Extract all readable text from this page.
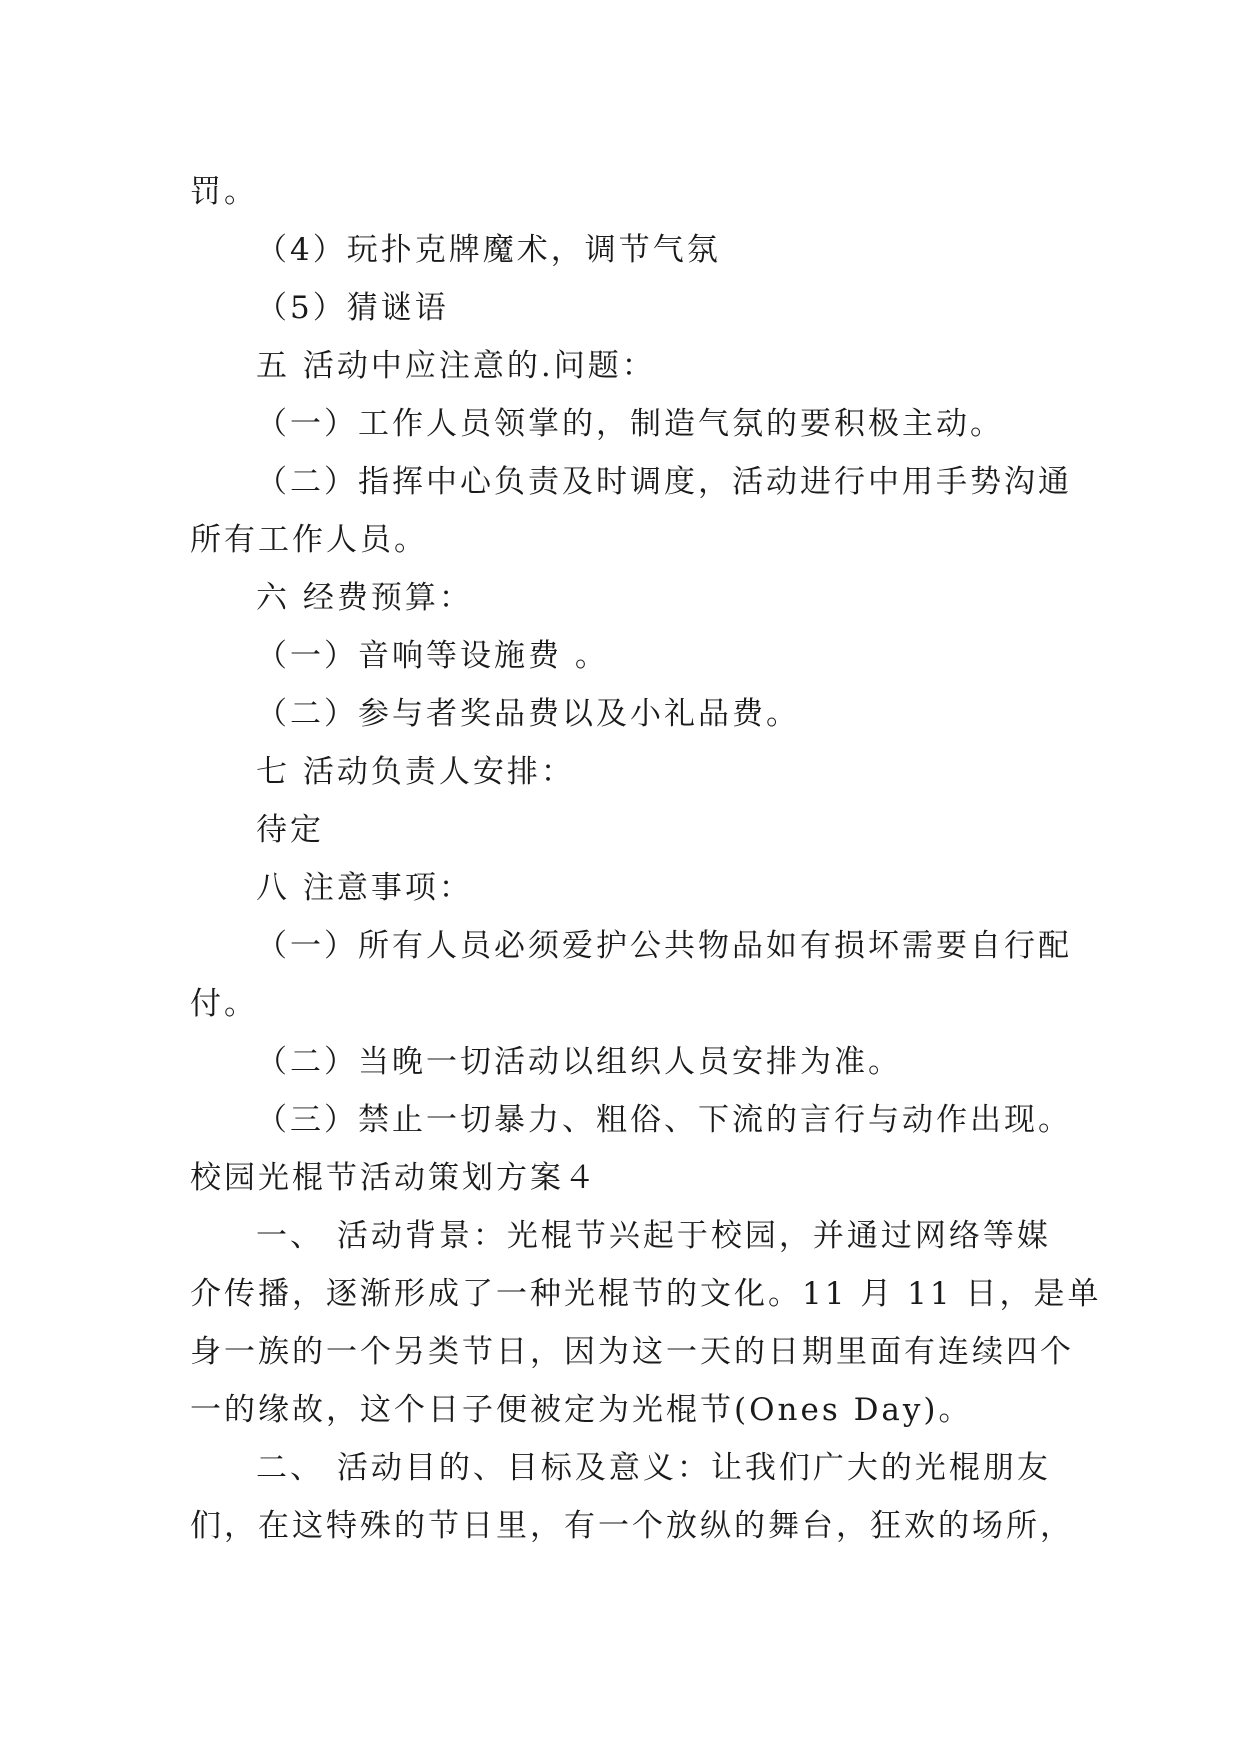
罚。
（4）玩扑克牌魔术，调节气氛
（5）猜谜语
五 活动中应注意的.问题：
（一）工作人员领掌的，制造气氛的要积极主动。
（二）指挥中心负责及时调度，活动进行中用手势沟通
所有工作人员。
六 经费预算：
（一）音响等设施费 。
（二）参与者奖品费以及小礼品费。
七 活动负责人安排：
待定
八 注意事项：
（一）所有人员必须爱护公共物品如有损坏需要自行配
付。
（二）当晚一切活动以组织人员安排为准。
（三）禁止一切暴力、粗俗、下流的言行与动作出现。
校园光棍节活动策划方案４
一、 活动背景：光棍节兴起于校园，并通过网络等媒
介传播，逐渐形成了一种光棍节的文化。11 月 11 日，是单
身一族的一个另类节日，因为这一天的日期里面有连续四个
一的缘故，这个日子便被定为光棍节(Ones Day)。
二、 活动目的、目标及意义：让我们广大的光棍朋友
们，在这特殊的节日里，有一个放纵的舞台，狂欢的场所，
